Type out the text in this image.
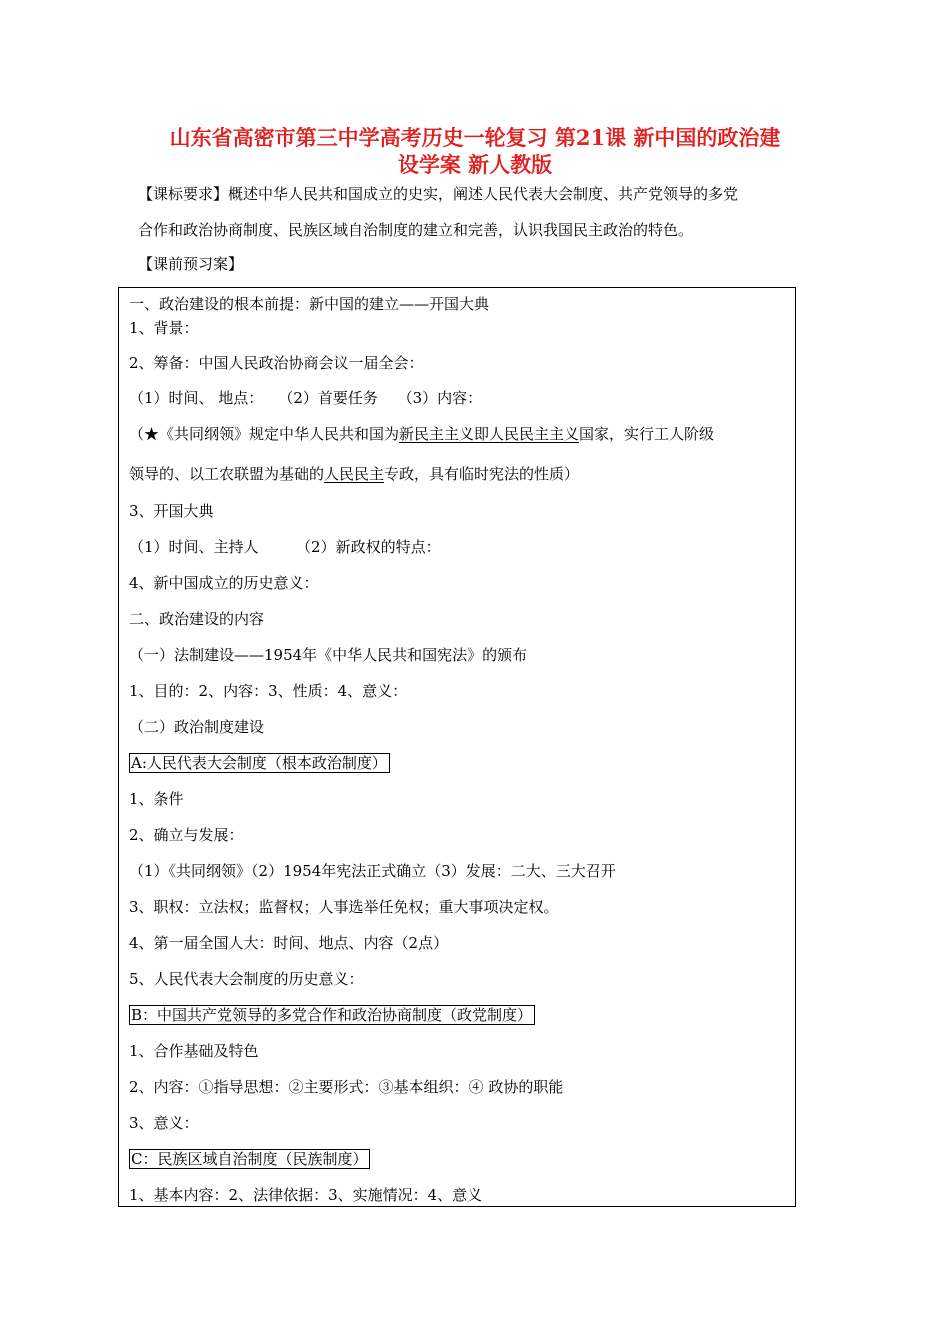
山东省高密市第三中学高考历史一轮复习 第21课 新中国的政治建
设学案 新人教版
【课标要求】概述中华人民共和国成立的史实，阐述人民代表大会制度、共产党领导的多党
合作和政治协商制度、民族区域自治制度的建立和完善，认识我国民主政治的特色。
【课前预习案】
一、政治建设的根本前提：新中国的建立——开国大典
1、背景：
2、筹备：中国人民政治协商会议一届全会：
（1）时间、 地点：　　（2）首要任务　 （3）内容：
（★《共同纲领》规定中华人民共和国为新民主主义即人民民主主义国家，实行工人阶级
领导的、以工农联盟为基础的人民民主专政，具有临时宪法的性质）
3、开国大典
（1）时间、主持人　　　（2）新政权的特点：
4、新中国成立的历史意义：
二、政治建设的内容
（一）法制建设——1954年《中华人民共和国宪法》的颁布
1、目的：2、内容：3、性质：4、意义：
（二）政治制度建设
A:人民代表大会制度（根本政治制度）
1、条件
2、确立与发展：
（1）《共同纲领》（2）1954年宪法正式确立（3）发展：二大、三大召开
3、职权：立法权；监督权；人事选举任免权；重大事项决定权。
4、第一届全国人大：时间、地点、内容（2点）
5、人民代表大会制度的历史意义：
B：中国共产党领导的多党合作和政治协商制度（政党制度）
1、合作基础及特色
2、内容：①指导思想：②主要形式：③基本组织：④ 政协的职能
3、意义：
C：民族区域自治制度（民族制度）
1、基本内容：2、法律依据：3、实施情况：4、意义
